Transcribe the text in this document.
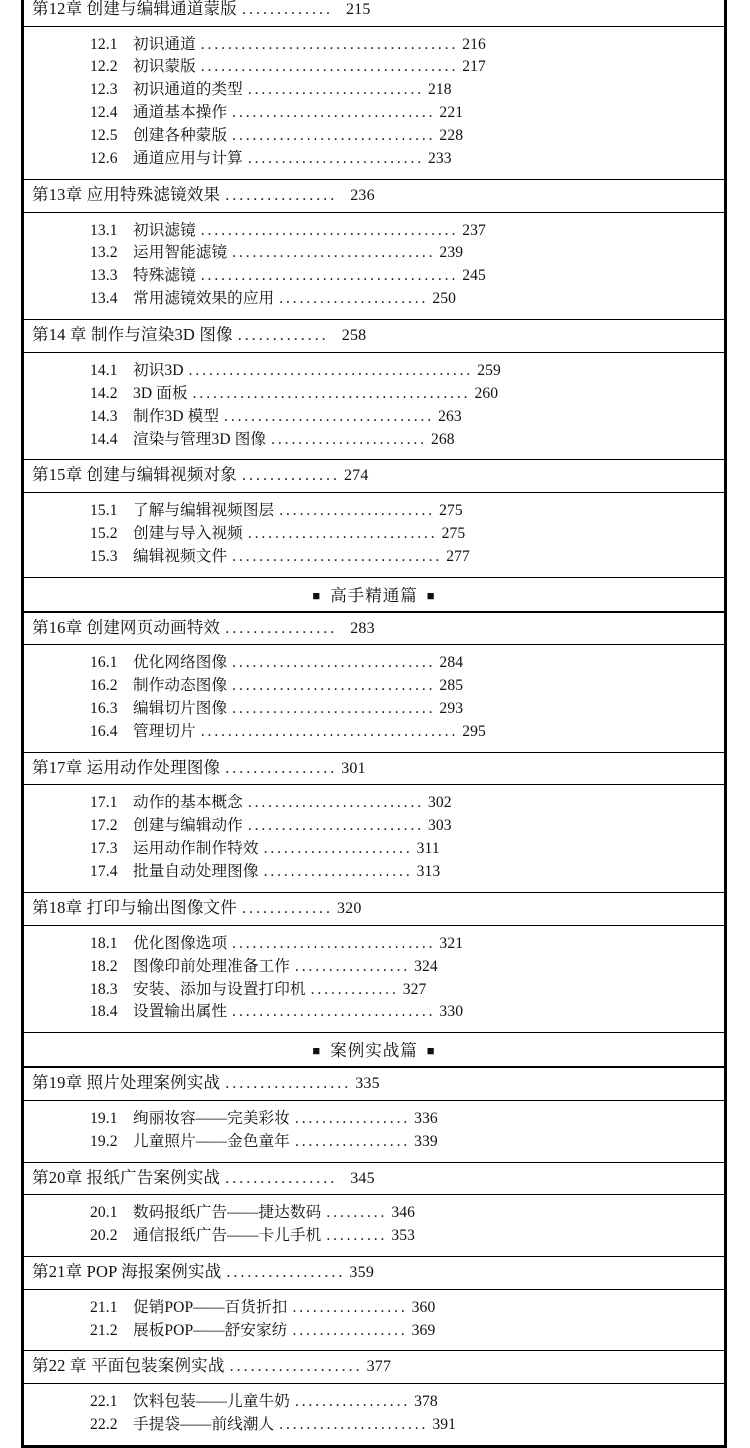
第12章 创建与编辑通道蒙版 ............. 215
12.1 初识通道 ...................................... 216
12.2 初识蒙版 ...................................... 217
12.3 初识通道的类型 .......................... 218
12.4 通道基本操作 .............................. 221
12.5 创建各种蒙版 .............................. 228
12.6 通道应用与计算 .......................... 233
第13章 应用特殊滤镜效果 ................ 236
13.1 初识滤镜 ...................................... 237
13.2 运用智能滤镜 .............................. 239
13.3 特殊滤镜 ...................................... 245
13.4 常用滤镜效果的应用 ...................... 250
第14 章 制作与渲染3D 图像 ............. 258
14.1 初识3D .......................................... 259
14.2 3D 面板 ......................................... 260
14.3 制作3D 模型 ............................... 263
14.4 渲染与管理3D 图像 ....................... 268
第15章 创建与编辑视频对象 .............. 274
15.1 了解与编辑视频图层 ....................... 275
15.2 创建与导入视频 ............................ 275
15.3 编辑视频文件 ............................... 277
■ 高手精通篇 ■
第16章 创建网页动画特效 ................ 283
16.1 优化网络图像 .............................. 284
16.2 制作动态图像 .............................. 285
16.3 编辑切片图像 .............................. 293
16.4 管理切片 ...................................... 295
第17章 运用动作处理图像 ................ 301
17.1 动作的基本概念 .......................... 302
17.2 创建与编辑动作 .......................... 303
17.3 运用动作制作特效 ...................... 311
17.4 批量自动处理图像 ...................... 313
第18章 打印与输出图像文件 ............. 320
18.1 优化图像选项 .............................. 321
18.2 图像印前处理准备工作 ................. 324
18.3 安装、添加与设置打印机 ............. 327
18.4 设置输出属性 .............................. 330
■ 案例实战篇 ■
第19章 照片处理案例实战 .................. 335
19.1 绚丽妆容——完美彩妆 ................. 336
19.2 儿童照片——金色童年 ................. 339
第20章 报纸广告案例实战 ................ 345
20.1 数码报纸广告——捷达数码 ......... 346
20.2 通信报纸广告——卡儿手机 ......... 353
第21章 POP 海报案例实战 ................. 359
21.1 促销POP——百货折扣 ................. 360
21.2 展板POP——舒安家纺 ................. 369
第22 章 平面包装案例实战 ................... 377
22.1 饮料包装——儿童牛奶 ................. 378
22.2 手提袋——前线潮人 ...................... 391
